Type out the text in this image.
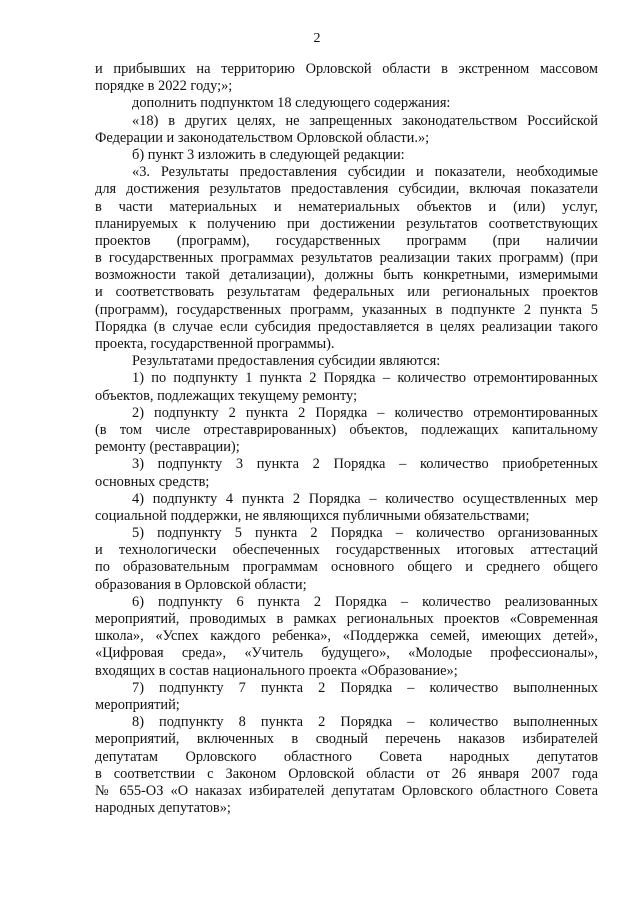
2
и прибывших на территорию Орловской области в экстренном массовом
порядке в 2022 году;»;
дополнить подпунктом 18 следующего содержания:
«18) в других целях, не запрещенных законодательством Российской
Федерации и законодательством Орловской области.»;
б) пункт 3 изложить в следующей редакции:
«3. Результаты предоставления субсидии и показатели, необходимые
для достижения результатов предоставления субсидии, включая показатели
в части материальных и нематериальных объектов и (или) услуг,
планируемых к получению при достижении результатов соответствующих
проектов (программ), государственных программ (при наличии
в государственных программах результатов реализации таких программ) (при
возможности такой детализации), должны быть конкретными, измеримыми
и соответствовать результатам федеральных или региональных проектов
(программ), государственных программ, указанных в подпункте 2 пункта 5
Порядка (в случае если субсидия предоставляется в целях реализации такого
проекта, государственной программы).
Результатами предоставления субсидии являются:
1) по подпункту 1 пункта 2 Порядка – количество отремонтированных
объектов, подлежащих текущему ремонту;
2) подпункту 2 пункта 2 Порядка – количество отремонтированных
(в том числе отреставрированных) объектов, подлежащих капитальному
ремонту (реставрации);
3) подпункту 3 пункта 2 Порядка – количество приобретенных
основных средств;
4) подпункту 4 пункта 2 Порядка – количество осуществленных мер
социальной поддержки, не являющихся публичными обязательствами;
5) подпункту 5 пункта 2 Порядка – количество организованных
и технологически обеспеченных государственных итоговых аттестаций
по образовательным программам основного общего и среднего общего
образования в Орловской области;
6) подпункту 6 пункта 2 Порядка – количество реализованных
мероприятий, проводимых в рамках региональных проектов «Современная
школа», «Успех каждого ребенка», «Поддержка семей, имеющих детей»,
«Цифровая среда», «Учитель будущего», «Молодые профессионалы»,
входящих в состав национального проекта «Образование»;
7) подпункту 7 пункта 2 Порядка – количество выполненных
мероприятий;
8) подпункту 8 пункта 2 Порядка – количество выполненных
мероприятий, включенных в сводный перечень наказов избирателей
депутатам Орловского областного Совета народных депутатов
в соответствии с Законом Орловской области от 26 января 2007 года
№ 655-ОЗ «О наказах избирателей депутатам Орловского областного Совета
народных депутатов»;
